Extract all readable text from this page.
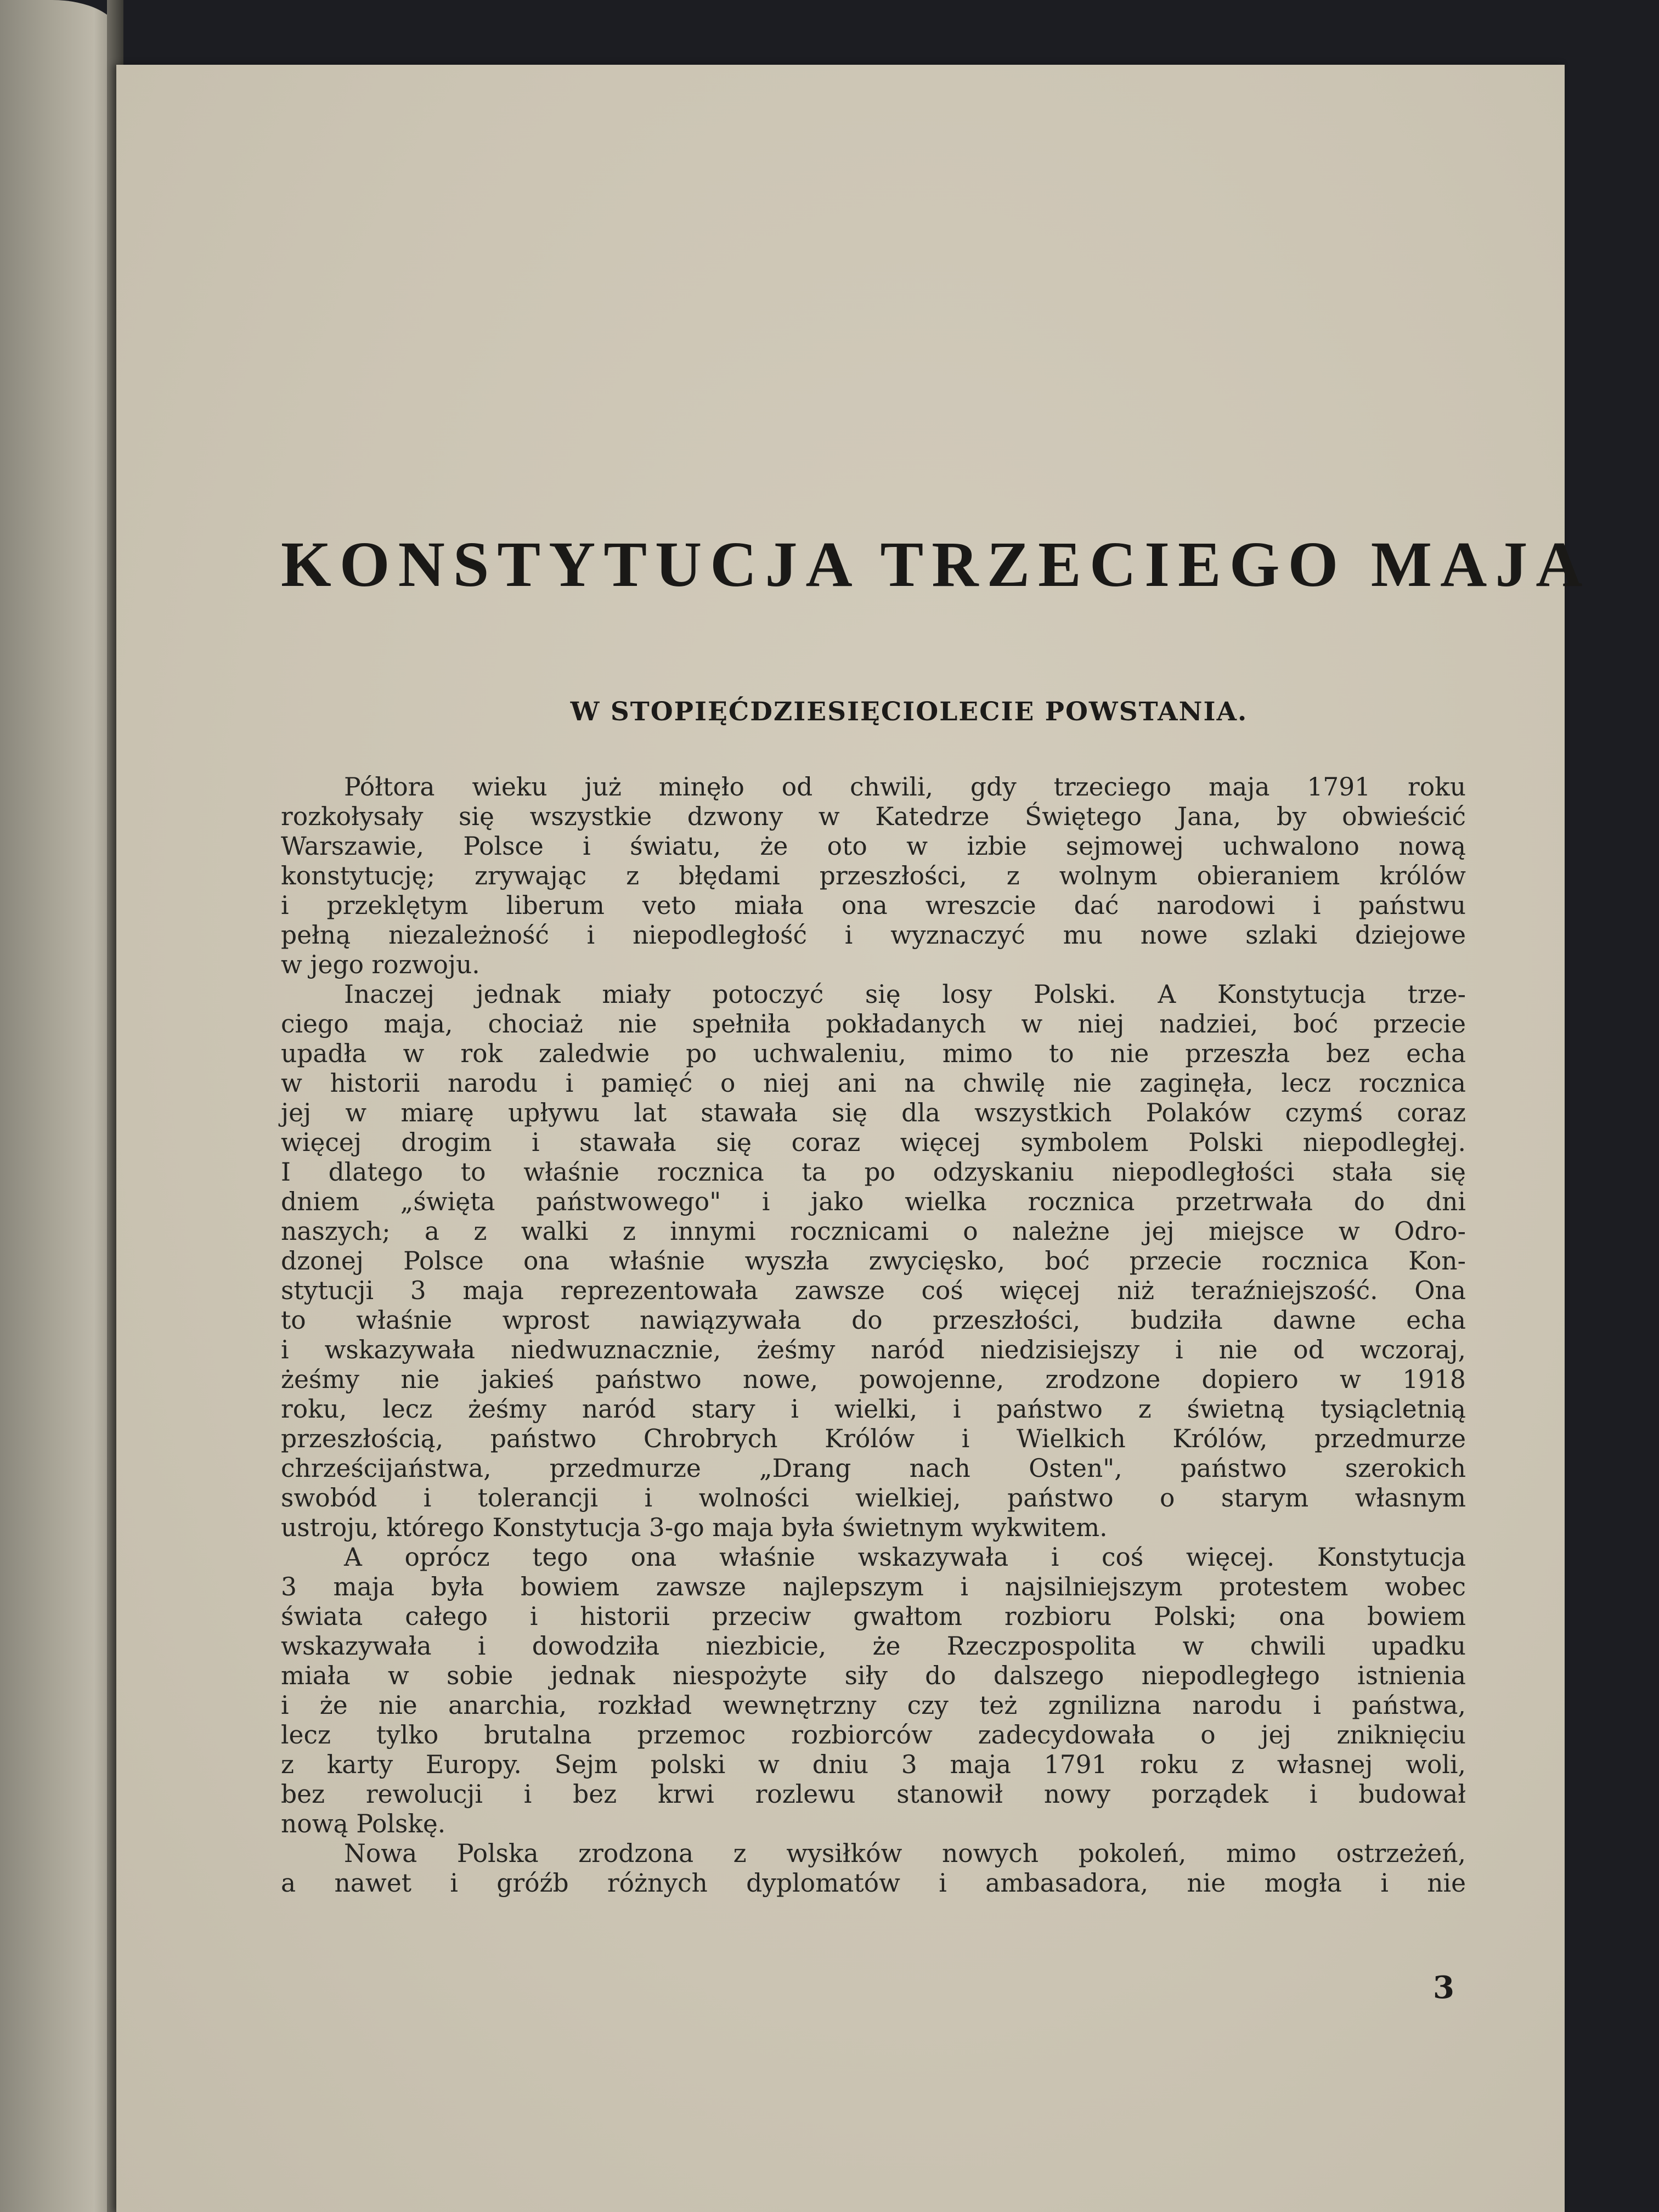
KONSTYTUCJA TRZECIEGO MAJA
W STOPIĘĆDZIESIĘCIOLECIE POWSTANIA.
Półtora wieku już minęło od chwili, gdy trzeciego maja 1791 roku
rozkołysały się wszystkie dzwony w Katedrze Świętego Jana, by obwieścić
Warszawie, Polsce i światu, że oto w izbie sejmowej uchwalono nową
konstytucję; zrywając z błędami przeszłości, z wolnym obieraniem królów
i przeklętym liberum veto miała ona wreszcie dać narodowi i państwu
pełną niezależność i niepodległość i wyznaczyć mu nowe szlaki dziejowe
w jego rozwoju.
Inaczej jednak miały potoczyć się losy Polski. A Konstytucja trze-
ciego maja, chociaż nie spełniła pokładanych w niej nadziei, boć przecie
upadła w rok zaledwie po uchwaleniu, mimo to nie przeszła bez echa
w historii narodu i pamięć o niej ani na chwilę nie zaginęła, lecz rocznica
jej w miarę upływu lat stawała się dla wszystkich Polaków czymś coraz
więcej drogim i stawała się coraz więcej symbolem Polski niepodległej.
I dlatego to właśnie rocznica ta po odzyskaniu niepodległości stała się
dniem „święta państwowego" i jako wielka rocznica przetrwała do dni
naszych; a z walki z innymi rocznicami o należne jej miejsce w Odro-
dzonej Polsce ona właśnie wyszła zwycięsko, boć przecie rocznica Kon-
stytucji 3 maja reprezentowała zawsze coś więcej niż teraźniejszość. Ona
to właśnie wprost nawiązywała do przeszłości, budziła dawne echa
i wskazywała niedwuznacznie, żeśmy naród niedzisiejszy i nie od wczoraj,
żeśmy nie jakieś państwo nowe, powojenne, zrodzone dopiero w 1918
roku, lecz żeśmy naród stary i wielki, i państwo z świetną tysiącletnią
przeszłością, państwo Chrobrych Królów i Wielkich Królów, przedmurze
chrześcijaństwa, przedmurze „Drang nach Osten", państwo szerokich
swobód i tolerancji i wolności wielkiej, państwo o starym własnym
ustroju, którego Konstytucja 3-go maja była świetnym wykwitem.
A oprócz tego ona właśnie wskazywała i coś więcej. Konstytucja
3 maja była bowiem zawsze najlepszym i najsilniejszym protestem wobec
świata całego i historii przeciw gwałtom rozbioru Polski; ona bowiem
wskazywała i dowodziła niezbicie, że Rzeczpospolita w chwili upadku
miała w sobie jednak niespożyte siły do dalszego niepodległego istnienia
i że nie anarchia, rozkład wewnętrzny czy też zgnilizna narodu i państwa,
lecz tylko brutalna przemoc rozbiorców zadecydowała o jej zniknięciu
z karty Europy. Sejm polski w dniu 3 maja 1791 roku z własnej woli,
bez rewolucji i bez krwi rozlewu stanowił nowy porządek i budował
nową Polskę.
Nowa Polska zrodzona z wysiłków nowych pokoleń, mimo ostrzeżeń,
a nawet i gróźb różnych dyplomatów i ambasadora, nie mogła i nie
3
